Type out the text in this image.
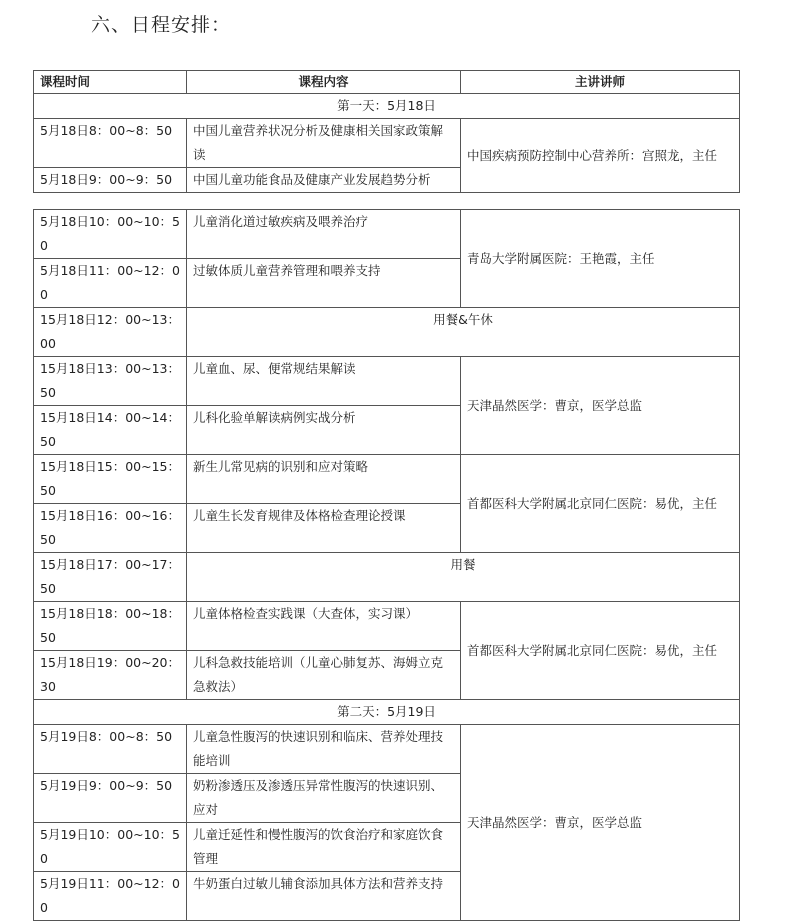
六、日程安排：
课程时间	课程内容	主讲讲师
第一天：5月18日		
5月18日8：00~8：50	中国儿童营养状况分析及健康相关国家政策解读	中国疾病预防控制中心营养所：宫照龙，主任
5月18日9：00~9：50	中国儿童功能食品及健康产业发展趋势分析	
5月18日10：00~10：50	儿童消化道过敏疾病及喂养治疗	青岛大学附属医院：王艳霞，主任
5月18日11：00~12：00	过敏体质儿童营养管理和喂养支持	
15月18日12：00~13：00	用餐&午休	
15月18日13：00~13：50	儿童血、尿、便常规结果解读	天津晶然医学：曹京，医学总监
15月18日14：00~14：50	儿科化验单解读病例实战分析	
15月18日15：00~15：50	新生儿常见病的识别和应对策略	首都医科大学附属北京同仁医院：易优，主任
15月18日16：00~16：50	儿童生长发育规律及体格检查理论授课	
15月18日17：00~17：50	用餐	
15月18日18：00~18：50	儿童体格检查实践课（大查体，实习课）	首都医科大学附属北京同仁医院：易优，主任
15月18日19：00~20：30	儿科急救技能培训（儿童心肺复苏、海姆立克急救法）	
第二天：5月19日		
5月19日8：00~8：50	儿童急性腹泻的快速识别和临床、营养处理技能培训	天津晶然医学：曹京，医学总监
5月19日9：00~9：50	奶粉渗透压及渗透压异常性腹泻的快速识别、应对	
5月19日10：00~10：50	儿童迁延性和慢性腹泻的饮食治疗和家庭饮食管理	
5月19日11：00~12：00	牛奶蛋白过敏儿辅食添加具体方法和营养支持	
